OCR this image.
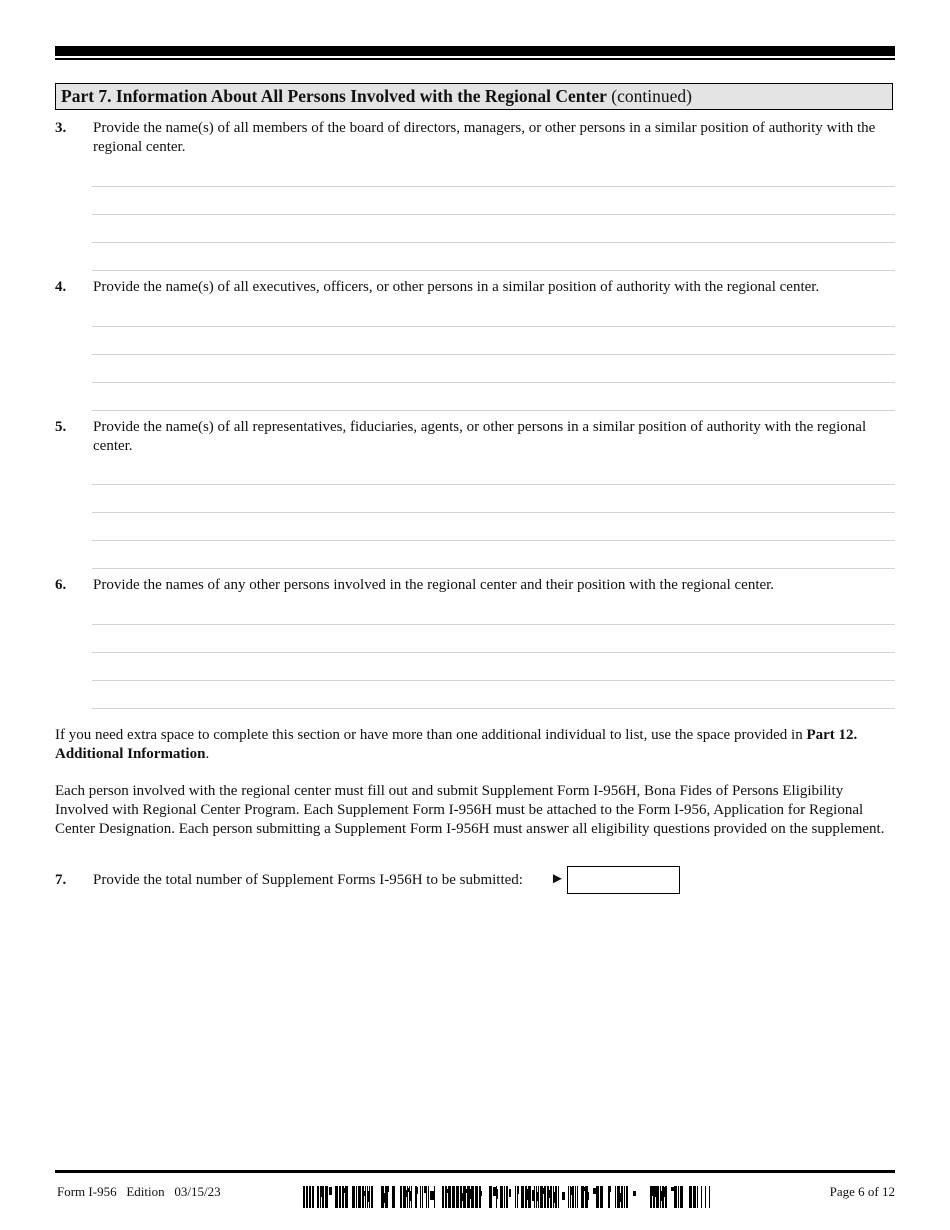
Part 7. Information About All Persons Involved with the Regional Center (continued)
3. Provide the name(s) of all members of the board of directors, managers, or other persons in a similar position of authority with the regional center.
4. Provide the name(s) of all executives, officers, or other persons in a similar position of authority with the regional center.
5. Provide the name(s) of all representatives, fiduciaries, agents, or other persons in a similar position of authority with the regional center.
6. Provide the names of any other persons involved in the regional center and their position with the regional center.
If you need extra space to complete this section or have more than one additional individual to list, use the space provided in Part 12. Additional Information.
Each person involved with the regional center must fill out and submit Supplement Form I-956H, Bona Fides of Persons Eligibility Involved with Regional Center Program. Each Supplement Form I-956H must be attached to the Form I-956, Application for Regional Center Designation. Each person submitting a Supplement Form I-956H must answer all eligibility questions provided on the supplement.
7. Provide the total number of Supplement Forms I-956H to be submitted:	►
Form I-956   Edition   03/15/23	Page 6 of 12
